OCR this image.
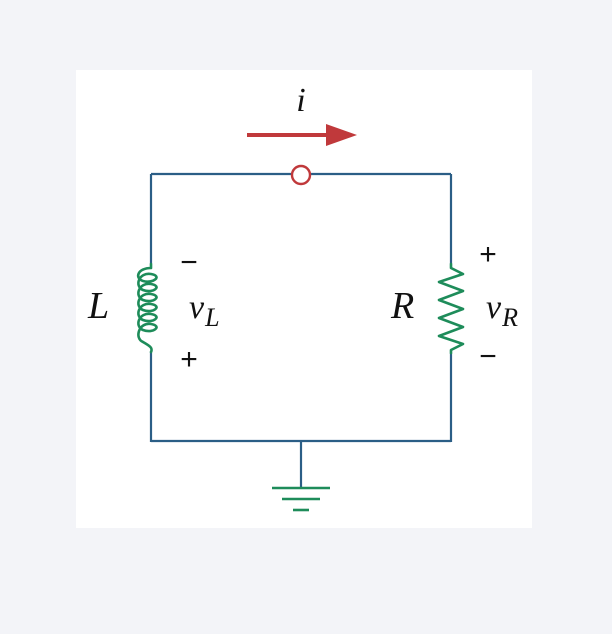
i
L
−
$v_L$
+
R
+
$v_R$
−
